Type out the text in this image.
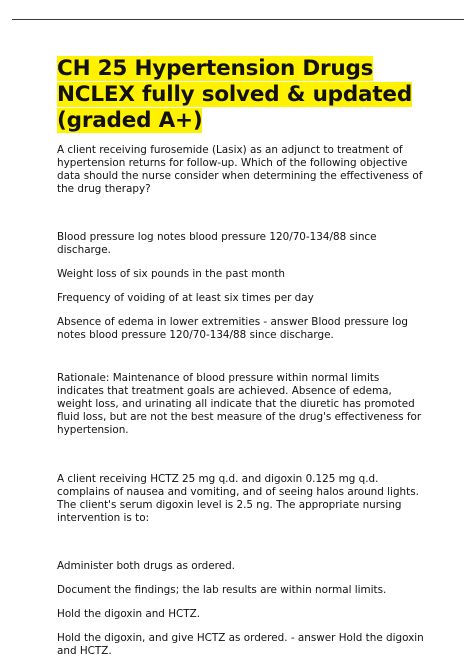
CH 25 Hypertension Drugs NCLEX fully solved & updated (graded A+)

A client receiving furosemide (Lasix) as an adjunct to treatment of hypertension returns for follow-up. Which of the following objective data should the nurse consider when determining the effectiveness of the drug therapy?

Blood pressure log notes blood pressure 120/70-134/88 since discharge.

Weight loss of six pounds in the past month

Frequency of voiding of at least six times per day

Absence of edema in lower extremities - answer Blood pressure log notes blood pressure 120/70-134/88 since discharge.

Rationale: Maintenance of blood pressure within normal limits indicates that treatment goals are achieved. Absence of edema, weight loss, and urinating all indicate that the diuretic has promoted fluid loss, but are not the best measure of the drug's effectiveness for hypertension.

A client receiving HCTZ 25 mg q.d. and digoxin 0.125 mg q.d. complains of nausea and vomiting, and of seeing halos around lights. The client's serum digoxin level is 2.5 ng. The appropriate nursing intervention is to:

Administer both drugs as ordered.

Document the findings; the lab results are within normal limits.

Hold the digoxin and HCTZ.

Hold the digoxin, and give HCTZ as ordered. - answer Hold the digoxin and HCTZ.
